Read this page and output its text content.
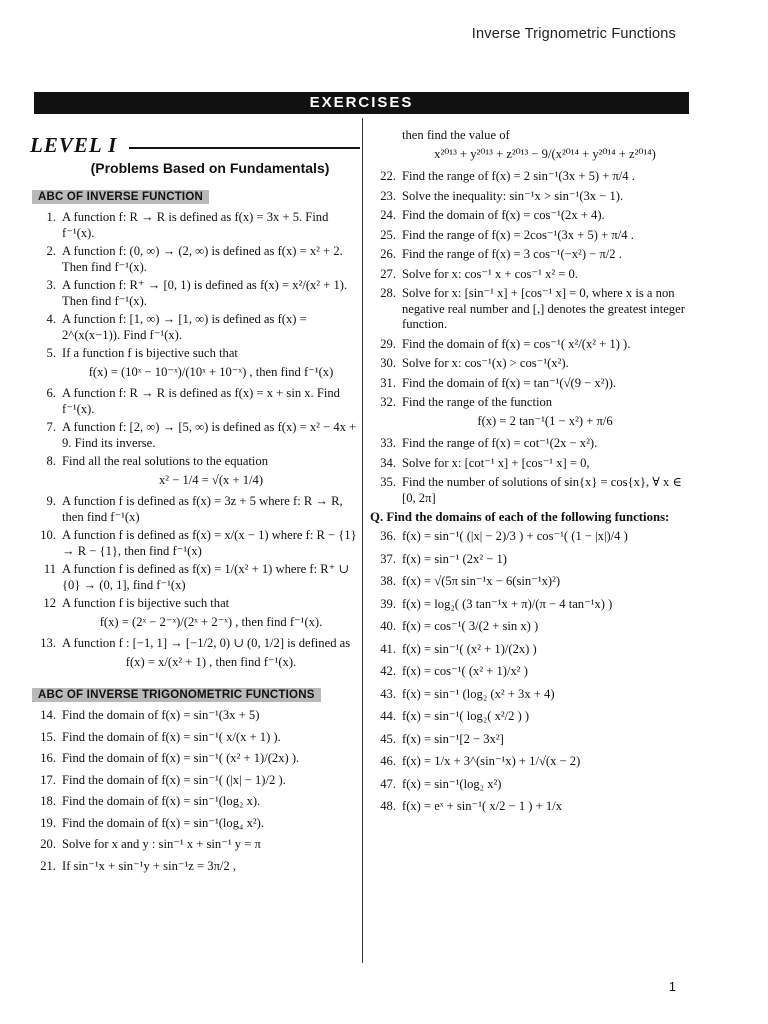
Inverse Trignometric Functions
EXERCISES
LEVEL I
(Problems Based on Fundamentals)
ABC OF INVERSE FUNCTION
1. A function f: R → R is defined as f(x) = 3x + 5. Find f⁻¹(x).
2. A function f: (0, ∞) → (2, ∞) is defined as f(x) = x² + 2. Then find f⁻¹(x).
3. A function f: R⁺ → [0, 1) is defined as f(x) = x²/(x² + 1). Then find f⁻¹(x).
4. A function f: [1, ∞) → [1, ∞) is defined as f(x) = 2^(x(x−1)). Find f⁻¹(x).
5. If a function f is bijective such that
f(x) = (10ˣ − 10⁻ˣ)/(10ˣ + 10⁻ˣ) , then find f⁻¹(x)
6. A function f: R → R is defined as f(x) = x + sin x. Find f⁻¹(x).
7. A function f: [2, ∞) → [5, ∞) is defined as f(x) = x² − 4x + 9. Find its inverse.
8. Find all the real solutions to the equation
x² − 1/4 = √(x + 1/4)
9. A function f is defined as f(x) = 3z + 5 where f: R → R, then find f⁻¹(x)
10. A function f is defined as f(x) = x/(x − 1) where f: R − {1} → R − {1}, then find f⁻¹(x)
11 A function f is defined as f(x) = 1/(x² + 1) where f: R⁺ ∪ {0} → (0, 1], find f⁻¹(x)
12 A function f is bijective such that
f(x) = (2ˣ − 2⁻ˣ)/(2ˣ + 2⁻ˣ) , then find f⁻¹(x).
13. A function f : [−1, 1] → [−1/2, 0) ∪ (0, 1/2] is defined as
f(x) = x/(x² + 1) , then find f⁻¹(x).
ABC OF INVERSE TRIGONOMETRIC FUNCTIONS
14. Find the domain of f(x) = sin⁻¹(3x + 5)
15. Find the domain of f(x) = sin⁻¹( x/(x + 1) ).
16. Find the domain of f(x) = sin⁻¹( (x² + 1)/(2x) ).
17. Find the domain of f(x) = sin⁻¹( (|x| − 1)/2 ).
18. Find the domain of f(x) = sin⁻¹(log₂ x).
19. Find the domain of f(x) = sin⁻¹(log₄ x²).
20. Solve for x and y : sin⁻¹ x + sin⁻¹ y = π
21. If sin⁻¹x + sin⁻¹y + sin⁻¹z = 3π/2 ,
then find the value of
x²⁰¹³ + y²⁰¹³ + z²⁰¹³ − 9/(x²⁰¹⁴ + y²⁰¹⁴ + z²⁰¹⁴)
22. Find the range of f(x) = 2 sin⁻¹(3x + 5) + π/4 .
23. Solve the inequality: sin⁻¹x > sin⁻¹(3x − 1).
24. Find the domain of f(x) = cos⁻¹(2x + 4).
25. Find the range of f(x) = 2cos⁻¹(3x + 5) + π/4 .
26. Find the range of f(x) = 3 cos⁻¹(−x²) − π/2 .
27. Solve for x: cos⁻¹ x + cos⁻¹ x² = 0.
28. Solve for x: [sin⁻¹ x] + [cos⁻¹ x] = 0, where x is a non negative real number and [,] denotes the greatest integer function.
29. Find the domain of f(x) = cos⁻¹( x²/(x² + 1) ).
30. Solve for x: cos⁻¹(x) > cos⁻¹(x²).
31. Find the domain of f(x) = tan⁻¹(√(9 − x²)).
32. Find the range of the function
f(x) = 2 tan⁻¹(1 − x²) + π/6
33. Find the range of f(x) = cot⁻¹(2x − x²).
34. Solve for x: [cot⁻¹ x] + [cos⁻¹ x] = 0,
35. Find the number of solutions of sin{x} = cos{x}, ∀ x ∈ [0, 2π]
Q. Find the domains of each of the following functions:
36. f(x) = sin⁻¹( (|x| − 2)/3 ) + cos⁻¹( (1 − |x|)/4 )
37. f(x) = sin⁻¹ (2x² − 1)
38. f(x) = √(5π sin⁻¹x − 6(sin⁻¹x)²)
39. f(x) = log₂( (3 tan⁻¹x + π)/(π − 4 tan⁻¹x) )
40. f(x) = cos⁻¹( 3/(2 + sin x) )
41. f(x) = sin⁻¹( (x² + 1)/(2x) )
42. f(x) = cos⁻¹( (x² + 1)/x² )
43. f(x) = sin⁻¹ (log₂ (x² + 3x + 4)
44. f(x) = sin⁻¹( log₂( x²/2 ) )
45. f(x) = sin⁻¹[2 − 3x²]
46. f(x) = 1/x + 3^(sin⁻¹x) + 1/√(x − 2)
47. f(x) = sin⁻¹(log₂ x²)
48. f(x) = eˣ + sin⁻¹( x/2 − 1 ) + 1/x
1
